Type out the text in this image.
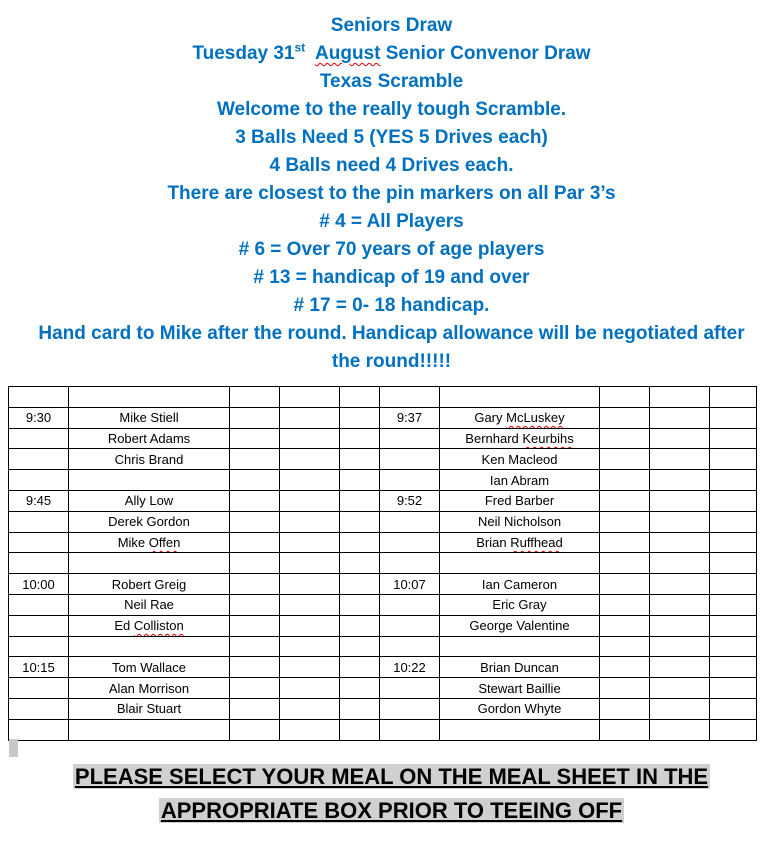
Seniors Draw
Tuesday 31st August Senior Convenor Draw
Texas Scramble
Welcome to the really tough Scramble.
3 Balls Need 5 (YES 5 Drives each)
4 Balls need 4 Drives each.
There are closest to the pin markers on all Par 3’s
# 4 = All Players
# 6 = Over 70 years of age players
# 13 = handicap of 19 and over
# 17 = 0- 18 handicap.
Hand card to Mike after the round. Handicap allowance will be negotiated after the round!!!!!

9:30	Mike Stiell				9:37	Gary McLuskey			
	Robert Adams					Bernhard Keurbihs			
	Chris Brand					Ken Macleod			
						Ian Abram			
9:45	Ally Low				9:52	Fred Barber			
	Derek Gordon					Neil Nicholson			
	Mike Offen					Brian Ruffhead			

10:00	Robert Greig				10:07	Ian Cameron			
	Neil Rae					Eric Gray			
	Ed Colliston					George Valentine			

10:15	Tom Wallace				10:22	Brian Duncan			
	Alan Morrison					Stewart Baillie			
	Blair Stuart					Gordon Whyte			

PLEASE SELECT YOUR MEAL ON THE MEAL SHEET IN THE
APPROPRIATE BOX PRIOR TO TEEING OFF
